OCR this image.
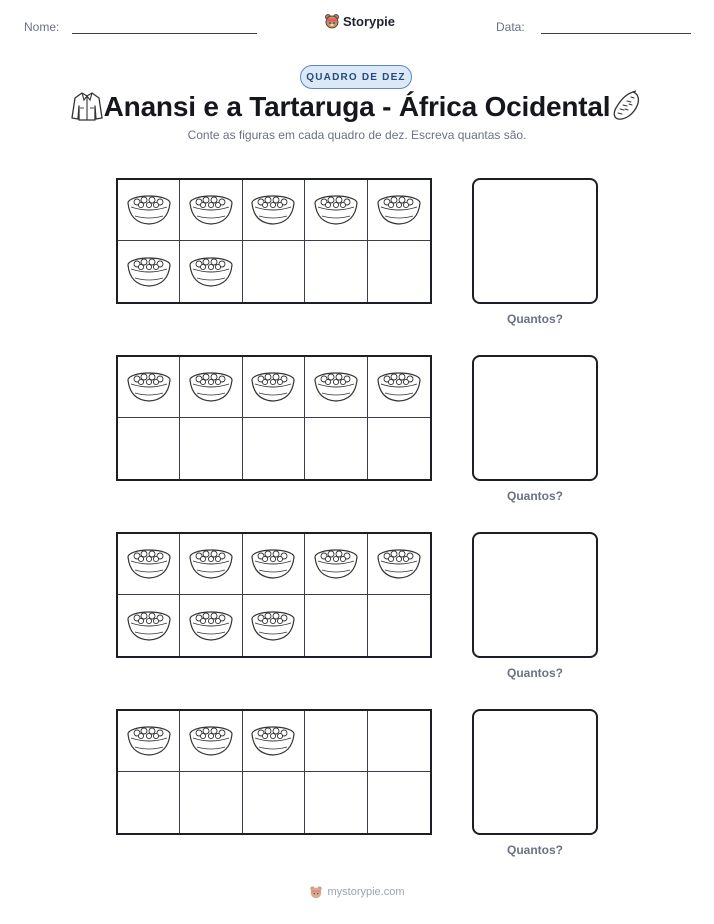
Nome:	Storypie	Data:
QUADRO DE DEZ
Anansi e a Tartaruga - África Ocidental
Conte as figuras em cada quadro de dez. Escreva quantas são.
Quantos?
Quantos?
Quantos?
Quantos?
mystorypie.com
